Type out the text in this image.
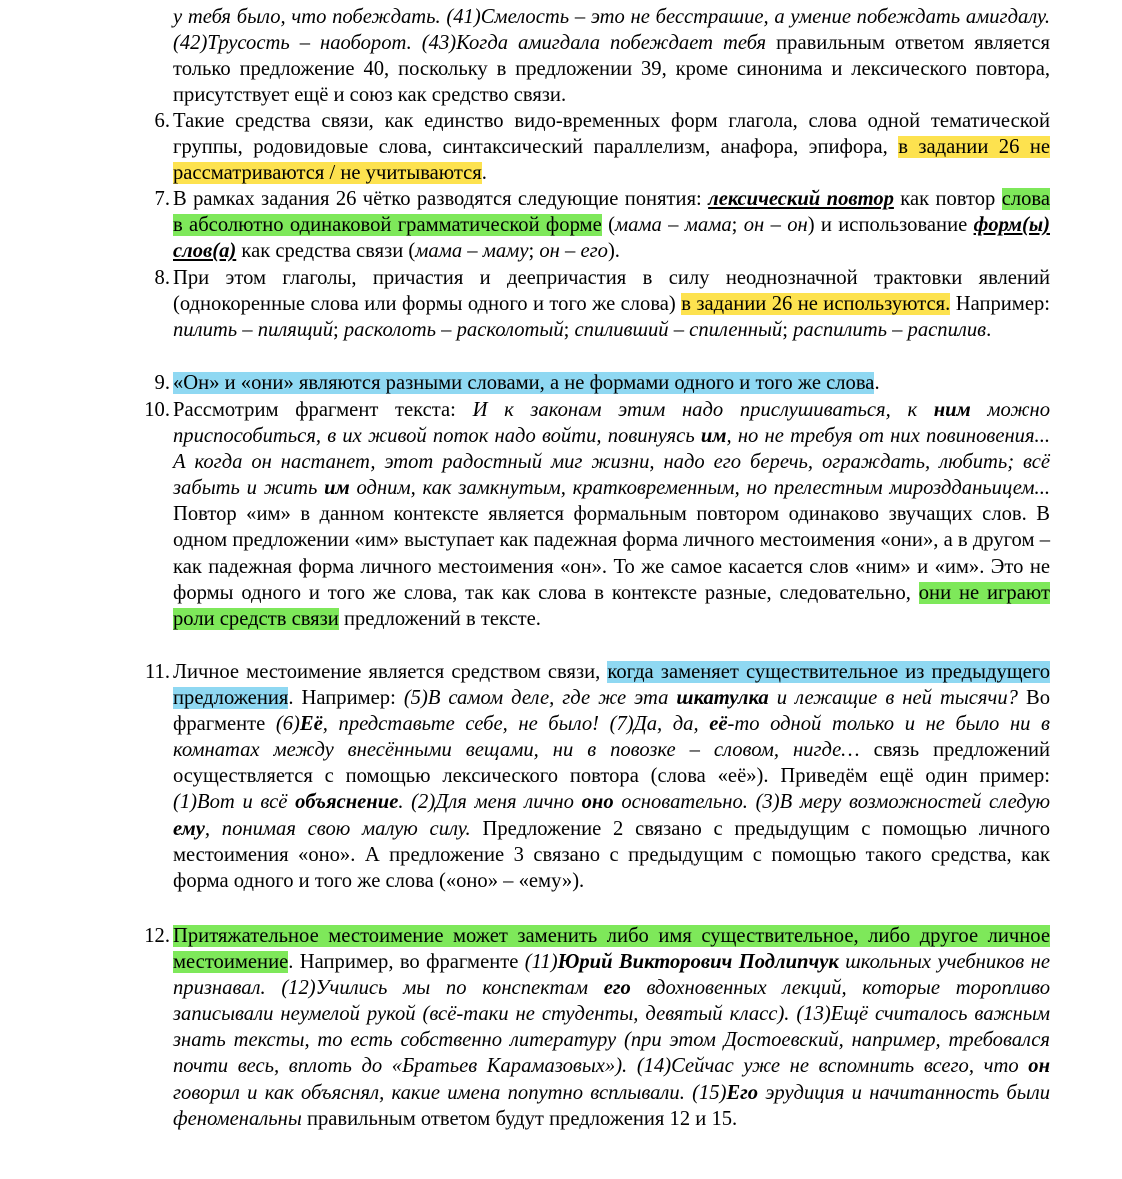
у тебя было, что побеждать. (41)Смелость – это не бесстрашие, а умение побеждать амигдалу. (42)Трусость – наоборот. (43)Когда амигдала побеждает тебя правильным ответом является только предложение 40, поскольку в предложении 39, кроме синонима и лексического повтора, присутствует ещё и союз как средство связи.
6. Такие средства связи, как единство видо-временных форм глагола, слова одной тематической группы, родовидовые слова, синтаксический параллелизм, анафора, эпифора, в задании 26 не рассматриваются / не учитываются.
7. В рамках задания 26 чётко разводятся следующие понятия: лексический повтор как повтор слова в абсолютно одинаковой грамматической форме (мама – мама; он – он) и использование форм(ы) слов(а) как средства связи (мама – маму; он – его).
8. При этом глаголы, причастия и деепричастия в силу неоднозначной трактовки явлений (однокоренные слова или формы одного и того же слова) в задании 26 не используются. Например: пилить – пилящий; расколоть – расколотый; спиливший – спиленный; распилить – распилив.
9. «Он» и «они» являются разными словами, а не формами одного и того же слова.
10. Рассмотрим фрагмент текста: И к законам этим надо прислушиваться, к ним можно приспособиться, в их живой поток надо войти, повинуясь им, но не требуя от них повиновения... А когда он настанет, этот радостный миг жизни, надо его беречь, ограждать, любить; всё забыть и жить им одним, как замкнутым, кратковременным, но прелестным мироздданьицем... Повтор «им» в данном контексте является формальным повтором одинаково звучащих слов. В одном предложении «им» выступает как падежная форма личного местоимения «они», а в другом – как падежная форма личного местоимения «он». То же самое касается слов «ним» и «им». Это не формы одного и того же слова, так как слова в контексте разные, следовательно, они не играют роли средств связи предложений в тексте.
11. Личное местоимение является средством связи, когда заменяет существительное из предыдущего предложения. Например: (5)В самом деле, где же эта шкатулка и лежащие в ней тысячи? Во фрагменте (6)Её, представьте себе, не было! (7)Да, да, её-то одной только и не было ни в комнатах между внесёнными вещами, ни в повозке – словом, нигде… связь предложений осуществляется с помощью лексического повтора (слова «её»). Приведём ещё один пример: (1)Вот и всё объяснение. (2)Для меня лично оно основательно. (3)В меру возможностей следую ему, понимая свою малую силу. Предложение 2 связано с предыдущим с помощью личного местоимения «оно». А предложение 3 связано с предыдущим с помощью такого средства, как форма одного и того же слова («оно» – «ему»).
12. Притяжательное местоимение может заменить либо имя существительное, либо другое личное местоимение. Например, во фрагменте (11)Юрий Викторович Подлипчук школьных учебников не признавал. (12)Учились мы по конспектам его вдохновенных лекций, которые торопливо записывали неумелой рукой (всё-таки не студенты, девятый класс). (13)Ещё считалось важным знать тексты, то есть собственно литературу (при этом Достоевский, например, требовался почти весь, вплоть до «Братьев Карамазовых»). (14)Сейчас уже не вспомнить всего, что он говорил и как объяснял, какие имена попутно всплывали. (15)Его эрудиция и начитанность были феноменальны правильным ответом будут предложения 12 и 15.
